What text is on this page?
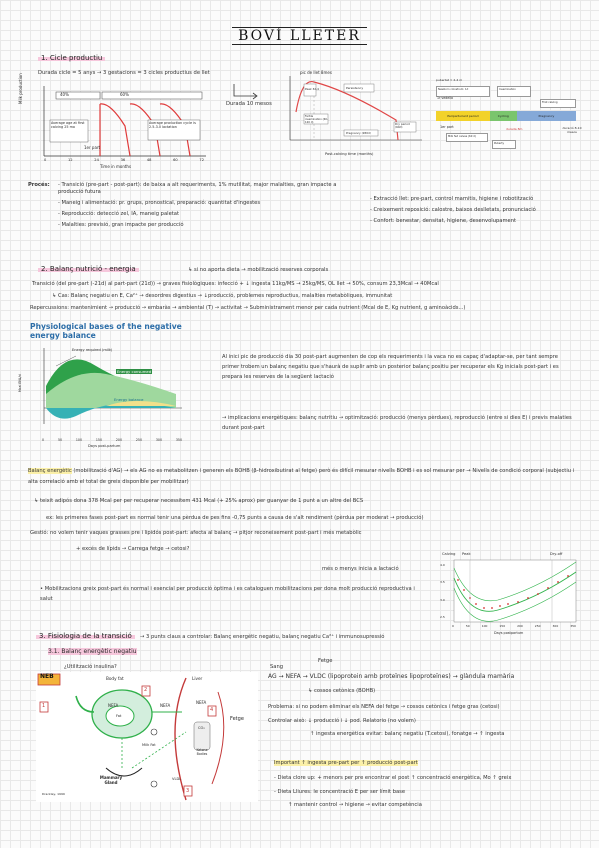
BOVÍ LLETER
1. Cicle productiu
Durada cicle = 5 anys → 3 gestacions = 3 cicles productius de llet
Milk production	40%	60%
Average age at first calving 25 mo
Average production cycle is 2.5-3.0 lactation
1er part
0	12	24	36	48	60	72
Time in months
Durada 10 mesos
pic de llet 8mes
Peak 32-4	Persistency
Fertile insemination (60-120 d)
Pregnancy (280d)
Dry period (60d)
Post-calving time (months)
pubertat = 2-4 m
Newborn colostrum: 1d	Insemination
1r vedella
First calving
Periparturient period	Cycling	Pregnancy
1er part	durada 8m
Milk fed calves (60 d)
Puberty
duració 8-10 mesos
Procés: - Transició (pre-part - post-part): de baixa a alt requeriments, 1% mutilitat, major malalties, gran impacte a producció futura
- Maneig i alimentació: pr. grups, pronostical, preparació: quantitat d'ingestes
- Reproducció: detecció zel, IA, maneig paletat
- Malalties: previsió, gran impacte per producció
- Extracció llet: pre-part, control mamitis, higiene i robotització
- Creixement reposició: calostre, baixos deslletats, pronunciació
- Confort: benestar, densitat, higiene, desenvolupament
2. Balanç nutrició - energia	↳ si no aporta dieta → mobilització reserves corporals
Transició (del pre-part (-21d) al part-part (21d)) → graves fisiològiques: infecció + ↓ ingesta 11kg/MS → 25kg/MS, OL llet → 50%, consum 23,3Mcal → 40Mcal
↳ Cas: Balanç negatiu en E, Ca²⁺ → desordres digestius → ↓producció, problemes reproductius, malalties metabòliques, immunitat
Repercussions: mantenimient → producció → embaràs → ambiental (T) → activitat → Subministrament menor per cada nutrient (Mcal de E, Kg nutrient, g aminoàcids...)
Physiological bases of the negative energy balance
Energy required (milk)
Energy consumed
Energy balance
Mcal ENL/d
0	50	100	150	200	250	300	350
Days post-partum
Al inici pic de producció dia 30 post-part augmenten de cop els requeriments i la vaca no es capaç d'adaptar-se, per tant sempre primer trobem un balanç negatiu que s'haurà de suplir amb un posterior balanç positiu per recuperar els Kg inicials post-part i es prepara les reserves de la següent lactació
→ implicacions energètiques: balanç nutritiu → optimització: producció (menys pèrdues), reproducció (entre si dies E) i previs malaties durant post-part
Balanç energètic (mobilització d'AG) → els AG no es metabolitzen i generen els BOHB (β-hidroxibutirat al fetge) però és difícil mesurar nivells BOHB i es sol mesurar per → Nivells de condició corporal (subjectiu i alta correlació amb el total de greix disponible per mobilitzar)
↳ teixit adipós dona 378 Mcal per per recuperar necessitem 431 Mcal (+ 25% aprox) per guanyar de 1 punt a un altre del BCS
ex: les primeres fases post-part es normal tenir una pèrdua de pes fins -0,75 punts a causa de s'alt rendiment (pèrdua per moderat → producció)
Gestió: no volem tenir vaques grasses pre i lipidós post-part: afecta al balanç → pitjor reconeixement post-part i més metabòlic
+ excés de lípids → Carrega fetge → cetosi?
més o menys inicia a lactació
• Mobilitzacions greix post-part és normal i esencial per producció òptima i es cataloguen mobilitzacions per dona molt producció reproductiva i salut
Calving Peak	Dry-off
2.5
3.0
3.5
4.0
0	50	100	150	200	250	300	350
Days postpartum
3. Fisiologia de la transició	→ 3 punts claus a controlar: Balanç energètic negatiu, balanç negatiu Ca²⁺ i immunosupressió
3.1. Balanç energètic negatiu
¿Utilització insulina?
NEB	Body fat	Liver
NEFA
Fat
NEFA
NEFA
CO₂
Ketone Bodies
Milk Fat
Mammary Gland
VLDL
Drackley, 1999
Fetge
1
2
3
4
Sang
Fetge
AG → NEFA → VLDC (lipoprotein amb proteïnes lipoproteïnes) → glàndula mamària
↳ cossos cetònics (BOHB)
Problema: si no podem eliminar els NEFA del fetge → cossos cetònics i fetge gras (cetosi)
Controlar això: ↓ producció i ↓ pod. Relatorio (no volem)
↑ ingesta energètica evitar: balanç negatiu (T.cetosi), fonatge → ↑ ingesta
Important ↑ ingesta pre-part per ↑ producció post-part
- Dieta clore up: + menors per pre encontrar el post ↑ concentració energètica, Mo ↑ greix
- Dieta Lliures: le concentració E per ser límit base
↑ mantenir control → higiene → evitar competència
